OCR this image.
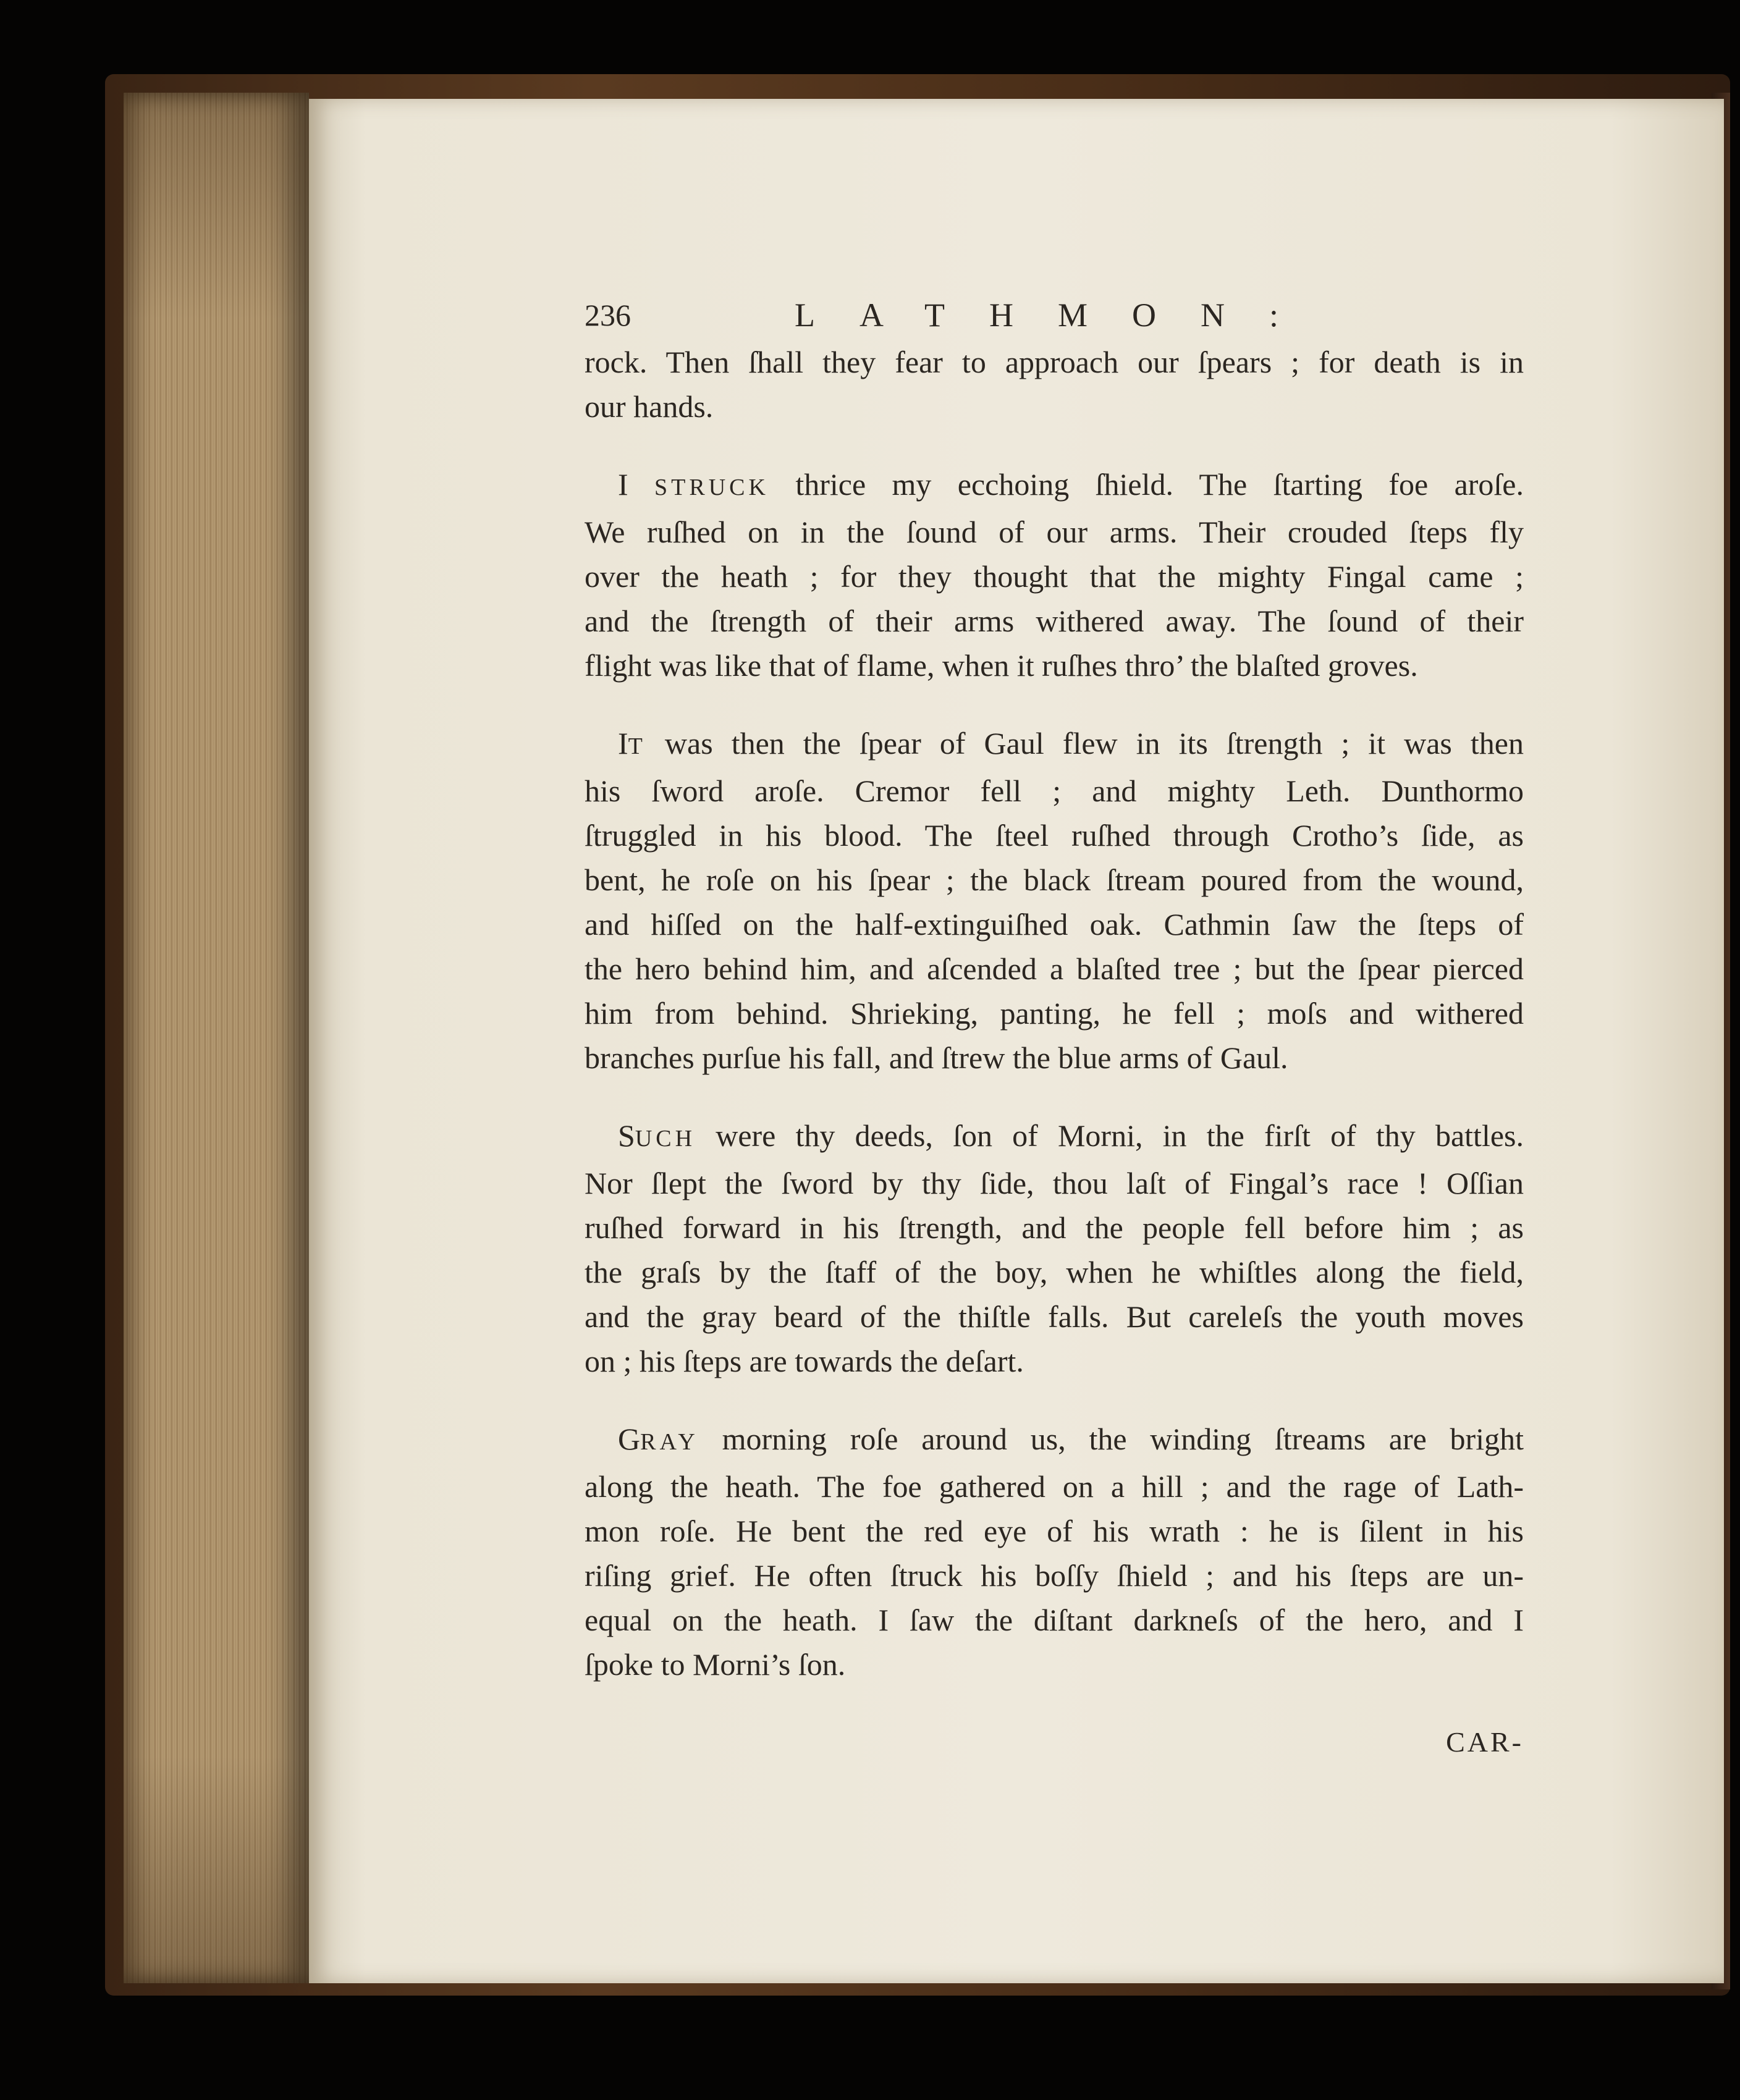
236	LATHMON:
rock. Then ſhall they fear to approach our ſpears ; for death is in
our hands.
I STRUCK thrice my ecchoing ſhield. The ſtarting foe aroſe.
We ruſhed on in the ſound of our arms. Their crouded ſteps fly
over the heath ; for they thought that the mighty Fingal came ;
and the ſtrength of their arms withered away. The ſound of their
flight was like that of flame, when it ruſhes thro’ the blaſted groves.
IT was then the ſpear of Gaul flew in its ſtrength ; it was then
his ſword aroſe. Cremor fell ; and mighty Leth. Dunthormo
ſtruggled in his blood. The ſteel ruſhed through Crotho’s ſide, as
bent, he roſe on his ſpear ; the black ſtream poured from the wound,
and hiſſed on the half-extinguiſhed oak. Cathmin ſaw the ſteps of
the hero behind him, and aſcended a blaſted tree ; but the ſpear pierced
him from behind. Shrieking, panting, he fell ; moſs and withered
branches purſue his fall, and ſtrew the blue arms of Gaul.
SUCH were thy deeds, ſon of Morni, in the firſt of thy battles.
Nor ſlept the ſword by thy ſide, thou laſt of Fingal’s race ! Oſſian
ruſhed forward in his ſtrength, and the people fell before him ; as
the graſs by the ſtaff of the boy, when he whiſtles along the field,
and the gray beard of the thiſtle falls. But careleſs the youth moves
on ; his ſteps are towards the deſart.
GRAY morning roſe around us, the winding ſtreams are bright
along the heath. The foe gathered on a hill ; and the rage of Lath-
mon roſe. He bent the red eye of his wrath : he is ſilent in his
riſing grief. He often ſtruck his boſſy ſhield ; and his ſteps are un-
equal on the heath. I ſaw the diſtant darkneſs of the hero, and I
ſpoke to Morni’s ſon.
CAR-
